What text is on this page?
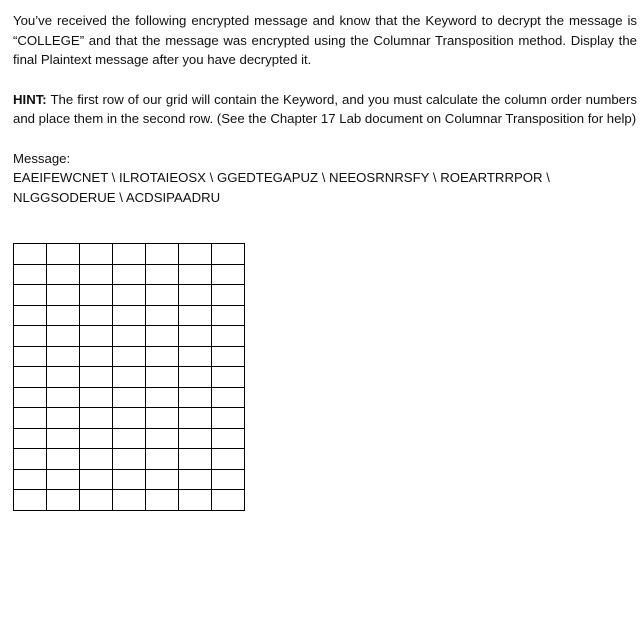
You’ve received the following encrypted message and know that the Keyword to decrypt the message is “COLLEGE” and that the message was encrypted using the Columnar Transposition method. Display the final Plaintext message after you have decrypted it.

HINT: The first row of our grid will contain the Keyword, and you must calculate the column order numbers and place them in the second row. (See the Chapter 17 Lab document on Columnar Transposition for help)

Message:

EAEIFEWCNET \ ILROTAIEOSX \ GGEDTEGAPUZ \ NEEOSRNRSFY \ ROEARTRRPOR \

NLGGSODERUE \ ACDSIPAADRU
